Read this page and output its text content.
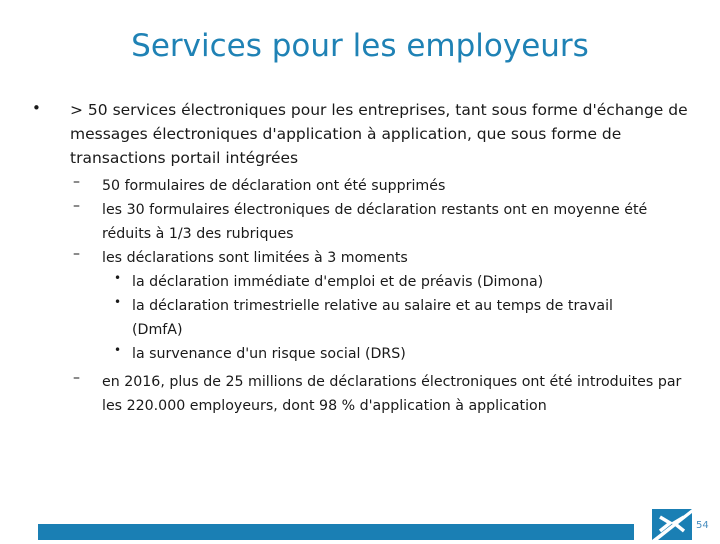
Services pour les employeurs
• > 50 services électroniques pour les entreprises, tant sous forme d'échange de messages électroniques d'application à application, que sous forme de transactions portail intégrées

– 50 formulaires de déclaration ont été supprimés

– les 30 formulaires électroniques de déclaration restants ont en moyenne été réduits à 1/3 des rubriques

– les déclarations sont limitées à 3 moments

• la déclaration immédiate d'emploi et de préavis (Dimona)

• la déclaration trimestrielle relative au salaire et au temps de travail (DmfA)

• la survenance d'un risque social (DRS)

– en 2016, plus de 25 millions de déclarations électroniques ont été introduites par les 220.000 employeurs, dont 98 % d'application à application

54
